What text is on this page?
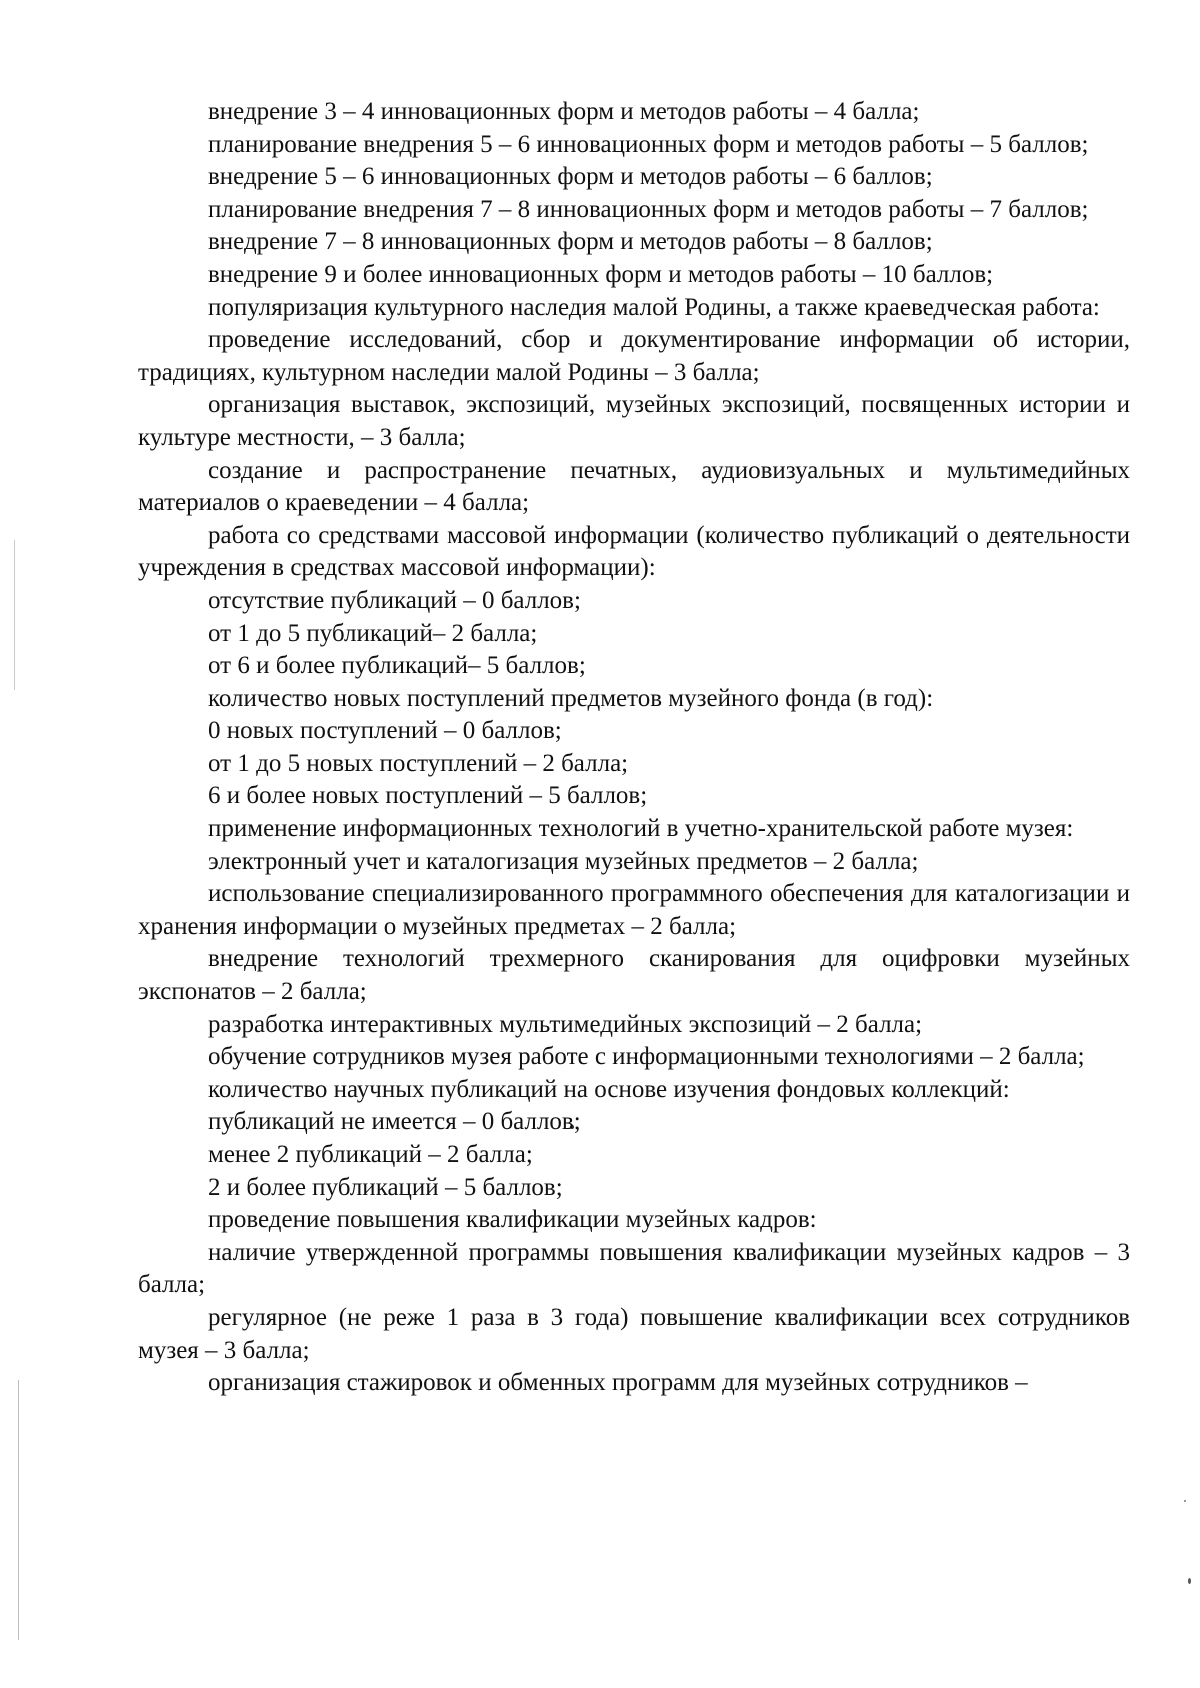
внедрение 3 – 4 инновационных форм и методов работы – 4 балла;

планирование внедрения 5 – 6 инновационных форм и методов работы – 5 баллов;

внедрение 5 – 6 инновационных форм и методов работы – 6 баллов;

планирование внедрения 7 – 8 инновационных форм и методов работы – 7 баллов;

внедрение 7 – 8 инновационных форм и методов работы – 8 баллов;

внедрение 9 и более инновационных форм и методов работы – 10 баллов;

популяризация культурного наследия малой Родины, а также краеведческая работа:

проведение исследований, сбор и документирование информации об истории, традициях, культурном наследии малой Родины – 3 балла;

организация выставок, экспозиций, музейных экспозиций, посвященных истории и культуре местности, – 3 балла;

создание и распространение печатных, аудиовизуальных и мультимедийных материалов о краеведении – 4 балла;

работа со средствами массовой информации (количество публикаций о деятельности учреждения в средствах массовой информации):

отсутствие публикаций – 0 баллов;

от 1 до 5 публикаций– 2 балла;

от 6 и более публикаций– 5 баллов;

количество новых поступлений предметов музейного фонда (в год):

0 новых поступлений – 0 баллов;

от 1 до 5 новых поступлений – 2 балла;

6 и более новых поступлений – 5 баллов;

применение информационных технологий в учетно-хранительской работе музея:

электронный учет и каталогизация музейных предметов – 2 балла;

использование специализированного программного обеспечения для каталогизации и хранения информации о музейных предметах – 2 балла;

внедрение технологий трехмерного сканирования для оцифровки музейных экспонатов – 2 балла;

разработка интерактивных мультимедийных экспозиций – 2 балла;

обучение сотрудников музея работе с информационными технологиями – 2 балла;

количество научных публикаций на основе изучения фондовых коллекций:

публикаций не имеется – 0 баллов;

менее 2 публикаций – 2 балла;

2 и более публикаций – 5 баллов;

проведение повышения квалификации музейных кадров:

наличие утвержденной программы повышения квалификации музейных кадров – 3 балла;

регулярное (не реже 1 раза в 3 года) повышение квалификации всех сотрудников музея – 3 балла;

организация стажировок и обменных программ для музейных сотрудников –
